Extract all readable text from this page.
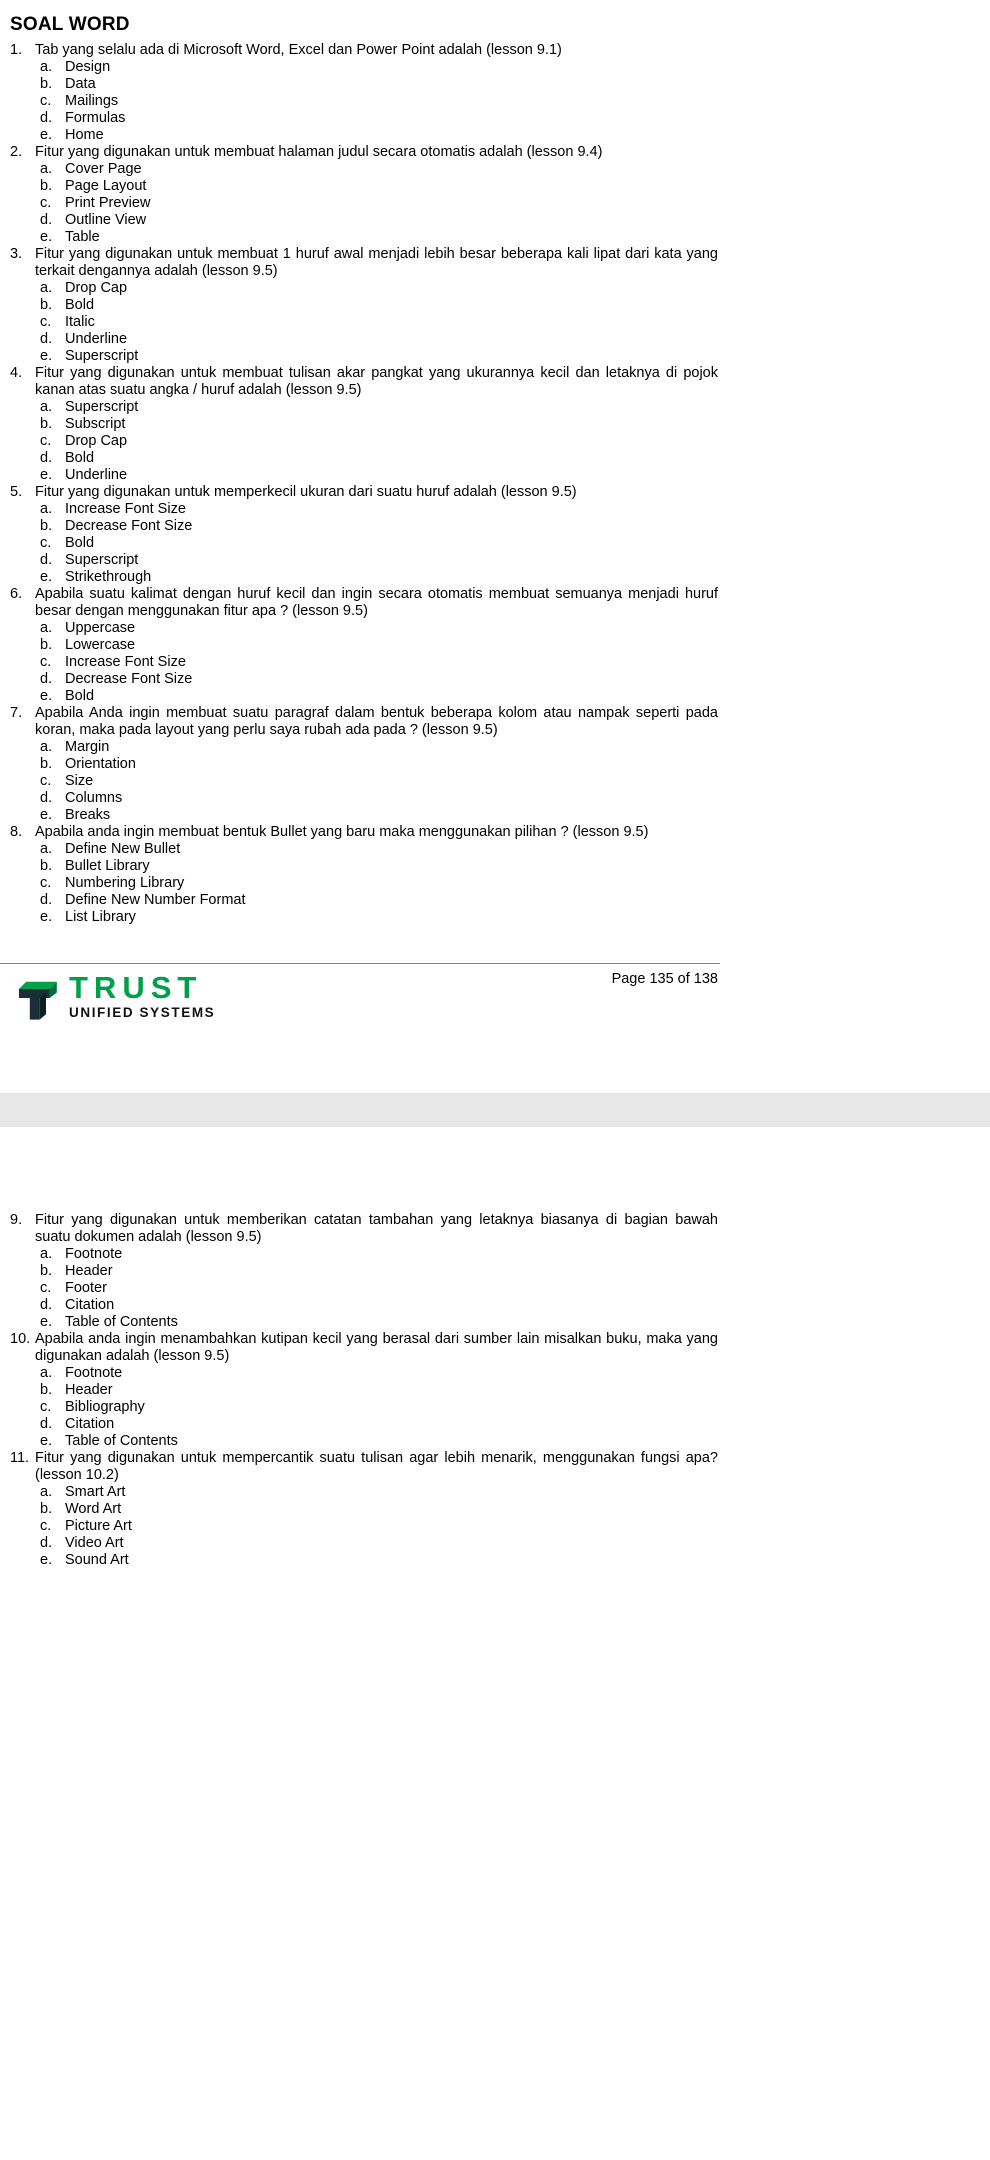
SOAL WORD
1. Tab yang selalu ada di Microsoft Word, Excel dan Power Point adalah (lesson 9.1)
a. Design
b. Data
c. Mailings
d. Formulas
e. Home
2. Fitur yang digunakan untuk membuat halaman judul secara otomatis adalah (lesson 9.4)
a. Cover Page
b. Page Layout
c. Print Preview
d. Outline View
e. Table
3. Fitur yang digunakan untuk membuat 1 huruf awal menjadi lebih besar beberapa kali lipat dari kata yang terkait dengannya adalah (lesson 9.5)
a. Drop Cap
b. Bold
c. Italic
d. Underline
e. Superscript
4. Fitur yang digunakan untuk membuat tulisan akar pangkat yang ukurannya kecil dan letaknya di pojok kanan atas suatu angka / huruf adalah (lesson 9.5)
a. Superscript
b. Subscript
c. Drop Cap
d. Bold
e. Underline
5. Fitur yang digunakan untuk memperkecil ukuran dari suatu huruf adalah (lesson 9.5)
a. Increase Font Size
b. Decrease Font Size
c. Bold
d. Superscript
e. Strikethrough
6. Apabila suatu kalimat dengan huruf kecil dan ingin secara otomatis membuat semuanya menjadi huruf besar dengan menggunakan fitur apa ? (lesson 9.5)
a. Uppercase
b. Lowercase
c. Increase Font Size
d. Decrease Font Size
e. Bold
7. Apabila Anda ingin membuat suatu paragraf dalam bentuk beberapa kolom atau nampak seperti pada koran, maka pada layout yang perlu saya rubah ada pada ? (lesson 9.5)
a. Margin
b. Orientation
c. Size
d. Columns
e. Breaks
8. Apabila anda ingin membuat bentuk Bullet yang baru maka menggunakan pilihan ? (lesson 9.5)
a. Define New Bullet
b. Bullet Library
c. Numbering Library
d. Define New Number Format
e. List Library
Page 135 of 138
TRUST
UNIFIED SYSTEMS
9. Fitur yang digunakan untuk memberikan catatan tambahan yang letaknya biasanya di bagian bawah suatu dokumen adalah (lesson 9.5)
a. Footnote
b. Header
c. Footer
d. Citation
e. Table of Contents
10. Apabila anda ingin menambahkan kutipan kecil yang berasal dari sumber lain misalkan buku, maka yang digunakan adalah (lesson 9.5)
a. Footnote
b. Header
c. Bibliography
d. Citation
e. Table of Contents
11. Fitur yang digunakan untuk mempercantik suatu tulisan agar lebih menarik, menggunakan fungsi apa? (lesson 10.2)
a. Smart Art
b. Word Art
c. Picture Art
d. Video Art
e. Sound Art
